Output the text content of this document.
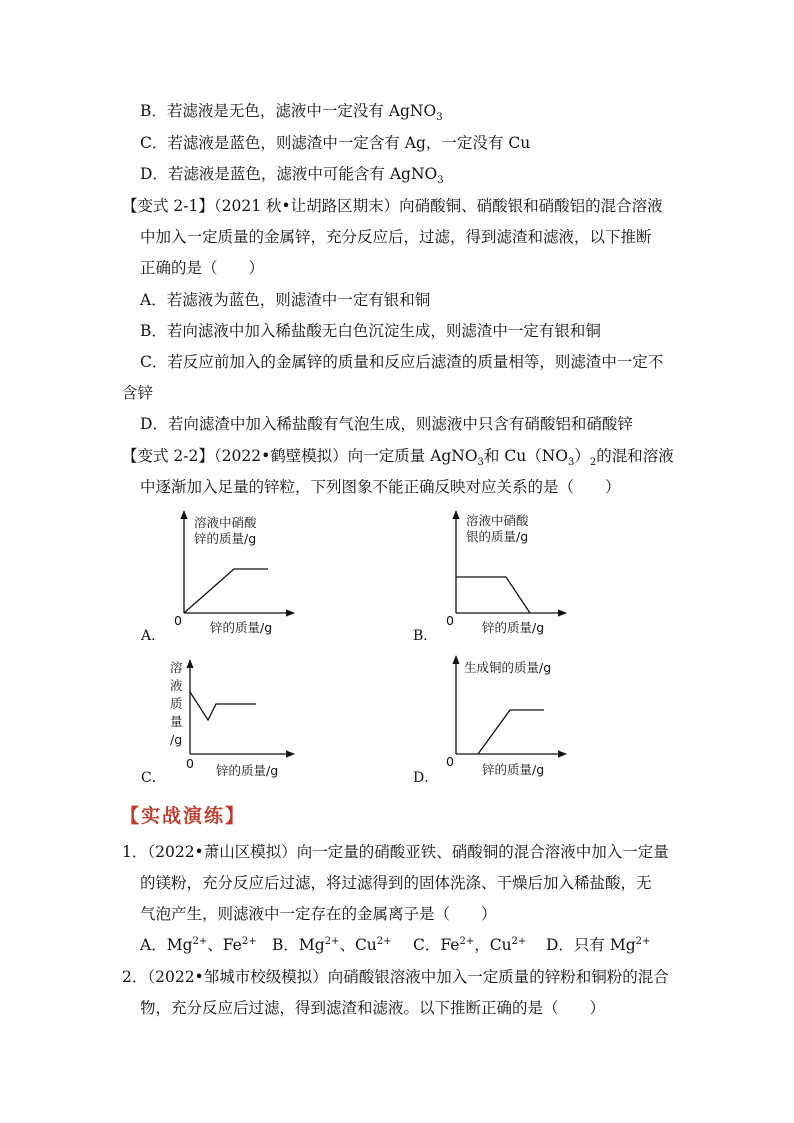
B．若滤液是无色，滤液中一定没有 AgNO$_3$
C．若滤液是蓝色，则滤渣中一定含有 Ag，一定没有 Cu
D．若滤液是蓝色，滤液中可能含有 AgNO$_3$
【变式 2-1】（2021 秋•让胡路区期末）向硝酸铜、硝酸银和硝酸铝的混合溶液
中加入一定质量的金属锌，充分反应后，过滤，得到滤渣和滤液，以下推断
正确的是（　　）
A．若滤液为蓝色，则滤渣中一定有银和铜
B．若向滤液中加入稀盐酸无白色沉淀生成，则滤渣中一定有银和铜
C．若反应前加入的金属锌的质量和反应后滤渣的质量相等，则滤渣中一定不
含锌
D．若向滤渣中加入稀盐酸有气泡生成，则滤液中只含有硝酸铝和硝酸锌
【变式 2-2】（2022•鹤壁模拟）向一定质量 AgNO$_3$和 $Cu(NO_3)_2$的混和溶液
中逐渐加入足量的锌粒，下列图象不能正确反映对应关系的是（　　）
A．
溶液中硝酸
锌的质量/g
0 锌的质量/g
B．
溶液中硝酸
银的质量/g
0 锌的质量/g
C．
溶
液
质
量
/g
0 锌的质量/g	D．
生成铜的质量/g
0
锌的质量/g
【实战演练】
1．（2022•萧山区模拟）向一定量的硝酸亚铁、硝酸铜的混合溶液中加入一定量
的镁粉，充分反应后过滤，将过滤得到的固体洗涤、干燥后加入稀盐酸，无
气泡产生，则滤液中一定存在的金属离子是（　　）
A．$Mg^{2+}$、$Fe^{2+}$ B．$Mg^{2+}$、$Cu^{2+}$ C．$Fe^{2+}$，$Cu^{2+}$ D．只有 $Mg^{2+}$
2．（2022•邹城市校级模拟）向硝酸银溶液中加入一定质量的锌粉和铜粉的混合
物，充分反应后过滤，得到滤渣和滤液。以下推断正确的是（　　）
